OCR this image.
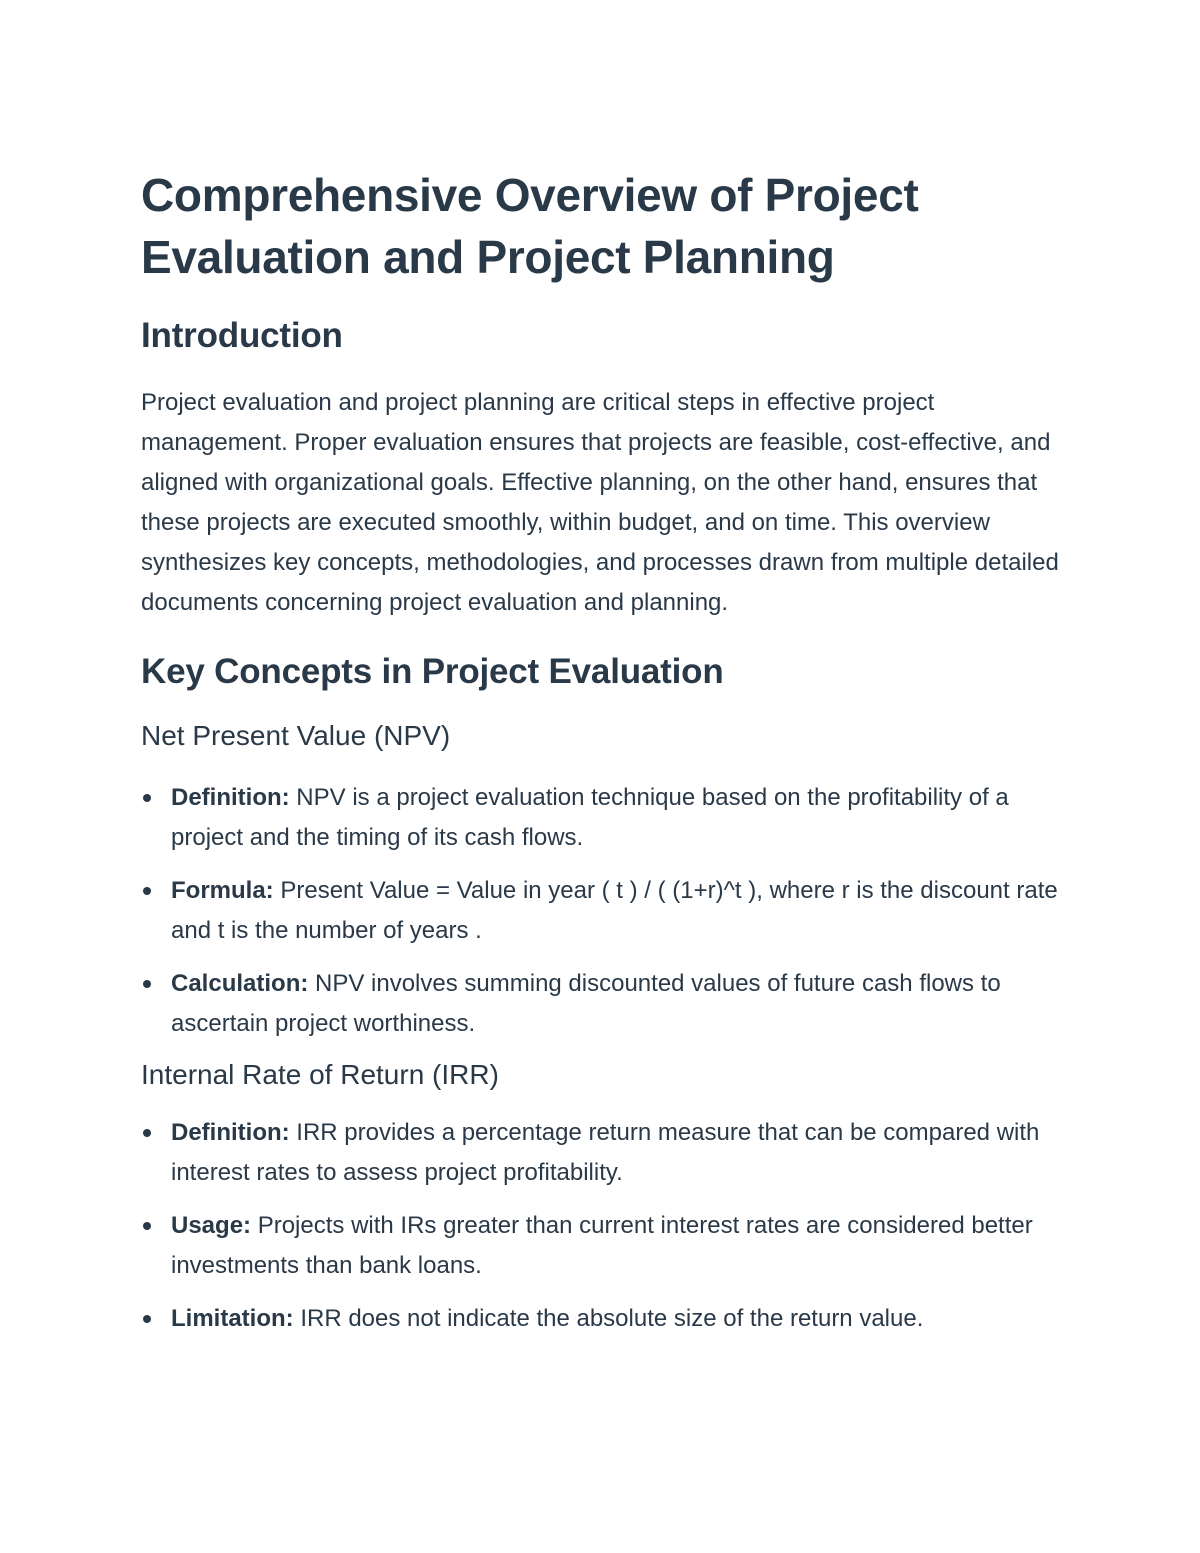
Comprehensive Overview of Project Evaluation and Project Planning
Introduction

Project evaluation and project planning are critical steps in effective project management. Proper evaluation ensures that projects are feasible, cost-effective, and aligned with organizational goals. Effective planning, on the other hand, ensures that these projects are executed smoothly, within budget, and on time. This overview synthesizes key concepts, methodologies, and processes drawn from multiple detailed documents concerning project evaluation and planning.

Key Concepts in Project Evaluation
Net Present Value (NPV)
Definition: NPV is a project evaluation technique based on the profitability of a project and the timing of its cash flows.
Formula: Present Value = Value in year ( t ) / ( (1+r)^t ), where r is the discount rate and t is the number of years .
Calculation: NPV involves summing discounted values of future cash flows to ascertain project worthiness.
Internal Rate of Return (IRR)
Definition: IRR provides a percentage return measure that can be compared with interest rates to assess project profitability.
Usage: Projects with IRs greater than current interest rates are considered better investments than bank loans.
Limitation: IRR does not indicate the absolute size of the return value.
